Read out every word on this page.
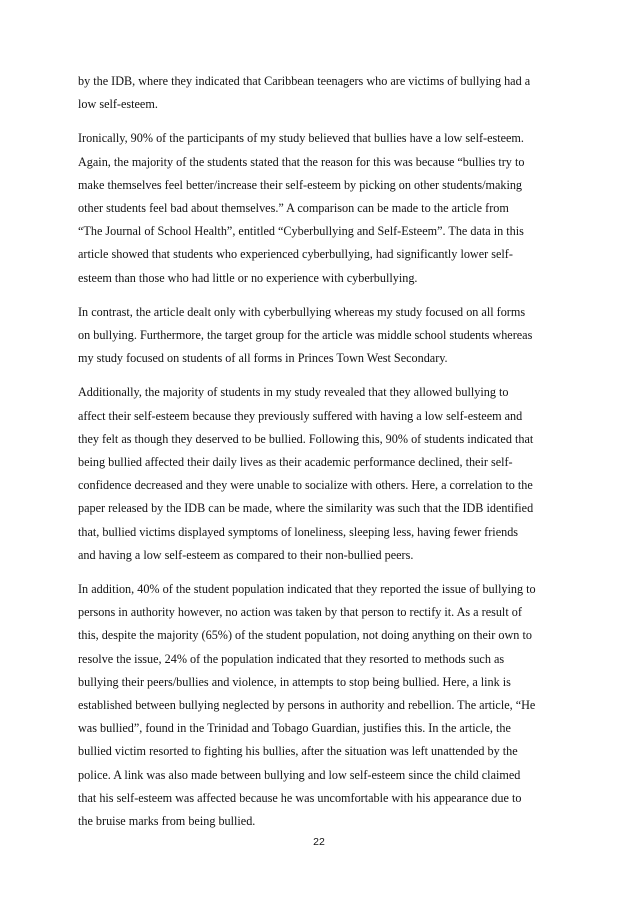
by the IDB, where they indicated that Caribbean teenagers who are victims of bullying had a
low self-esteem.

Ironically, 90% of the participants of my study believed that bullies have a low self-esteem.
Again, the majority of the students stated that the reason for this was because “bullies try to
make themselves feel better/increase their self-esteem by picking on other students/making
other students feel bad about themselves.” A comparison can be made to the article from
“The Journal of School Health”, entitled “Cyberbullying and Self-Esteem”. The data in this
article showed that students who experienced cyberbullying, had significantly lower self-
esteem than those who had little or no experience with cyberbullying.

In contrast, the article dealt only with cyberbullying whereas my study focused on all forms
on bullying. Furthermore, the target group for the article was middle school students whereas
my study focused on students of all forms in Princes Town West Secondary.

Additionally, the majority of students in my study revealed that they allowed bullying to
affect their self-esteem because they previously suffered with having a low self-esteem and
they felt as though they deserved to be bullied. Following this, 90% of students indicated that
being bullied affected their daily lives as their academic performance declined, their self-
confidence decreased and they were unable to socialize with others. Here, a correlation to the
paper released by the IDB can be made, where the similarity was such that the IDB identified
that, bullied victims displayed symptoms of loneliness, sleeping less, having fewer friends
and having a low self-esteem as compared to their non-bullied peers.

In addition, 40% of the student population indicated that they reported the issue of bullying to
persons in authority however, no action was taken by that person to rectify it. As a result of
this, despite the majority (65%) of the student population, not doing anything on their own to
resolve the issue, 24% of the population indicated that they resorted to methods such as
bullying their peers/bullies and violence, in attempts to stop being bullied. Here, a link is
established between bullying neglected by persons in authority and rebellion. The article, “He
was bullied”, found in the Trinidad and Tobago Guardian, justifies this. In the article, the
bullied victim resorted to fighting his bullies, after the situation was left unattended by the
police. A link was also made between bullying and low self-esteem since the child claimed
that his self-esteem was affected because he was uncomfortable with his appearance due to
the bruise marks from being bullied.

22
